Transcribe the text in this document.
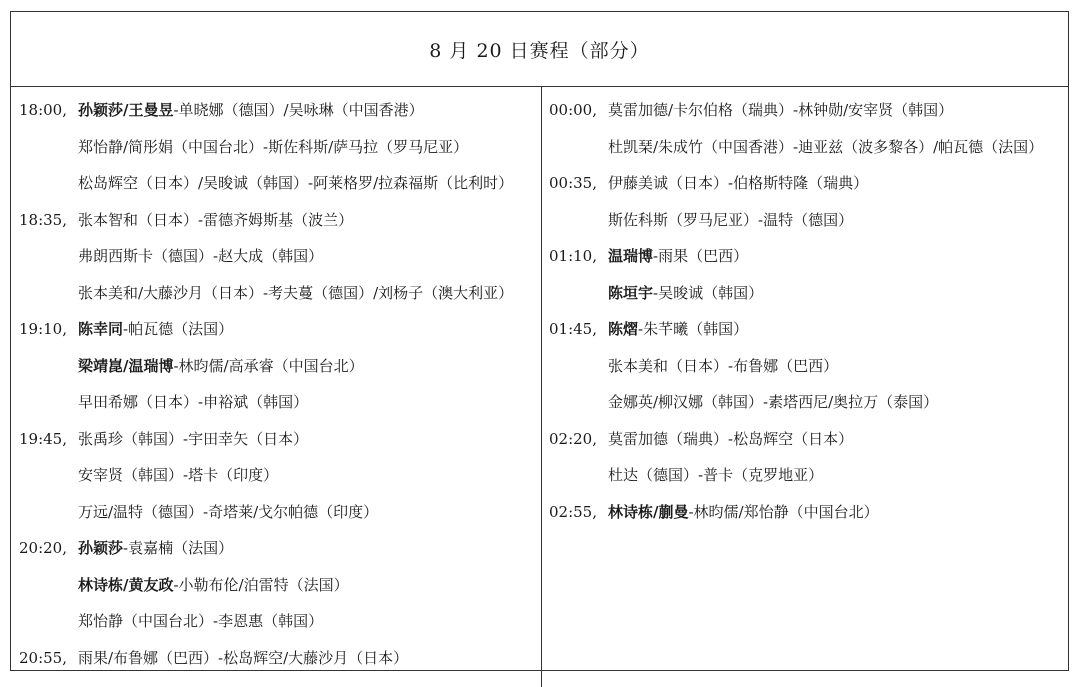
8 月 20 日赛程（部分）
18:00, 孙颖莎/王曼昱-单晓娜（德国）/吴咏琳（中国香港）
郑怡静/简彤娟（中国台北）-斯佐科斯/萨马拉（罗马尼亚）
松岛辉空（日本）/吴晙诚（韩国）-阿莱格罗/拉森福斯（比利时）
18:35, 张本智和（日本）-雷德齐姆斯基（波兰）
弗朗西斯卡（德国）-赵大成（韩国）
张本美和/大藤沙月（日本）-考夫蔓（德国）/刘杨子（澳大利亚）
19:10, 陈幸同-帕瓦德（法国）
梁靖崑/温瑞博-林昀儒/高承睿（中国台北）
早田希娜（日本）-申裕斌（韩国）
19:45, 张禹珍（韩国）-宇田幸矢（日本）
安宰贤（韩国）-塔卡（印度）
万远/温特（德国）-奇塔莱/戈尔帕德（印度）
20:20, 孙颖莎-袁嘉楠（法国）
林诗栋/黄友政-小勒布伦/泊雷特（法国）
郑怡静（中国台北）-李恩惠（韩国）
20:55, 雨果/布鲁娜（巴西）-松岛辉空/大藤沙月（日本）
00:00, 莫雷加德/卡尔伯格（瑞典）-林钟勋/安宰贤（韩国）
杜凯琹/朱成竹（中国香港）-迪亚兹（波多黎各）/帕瓦德（法国）
00:35, 伊藤美诚（日本）-伯格斯特隆（瑞典）
斯佐科斯（罗马尼亚）-温特（德国）
01:10, 温瑞博-雨果（巴西）
陈垣宇-吴晙诚（韩国）
01:45, 陈熠-朱芊曦（韩国）
张本美和（日本）-布鲁娜（巴西）
金娜英/柳汉娜（韩国）-素塔西尼/奥拉万（泰国）
02:20, 莫雷加德（瑞典）-松岛辉空（日本）
杜达（德国）-普卡（克罗地亚）
02:55, 林诗栋/蒯曼-林昀儒/郑怡静（中国台北）
